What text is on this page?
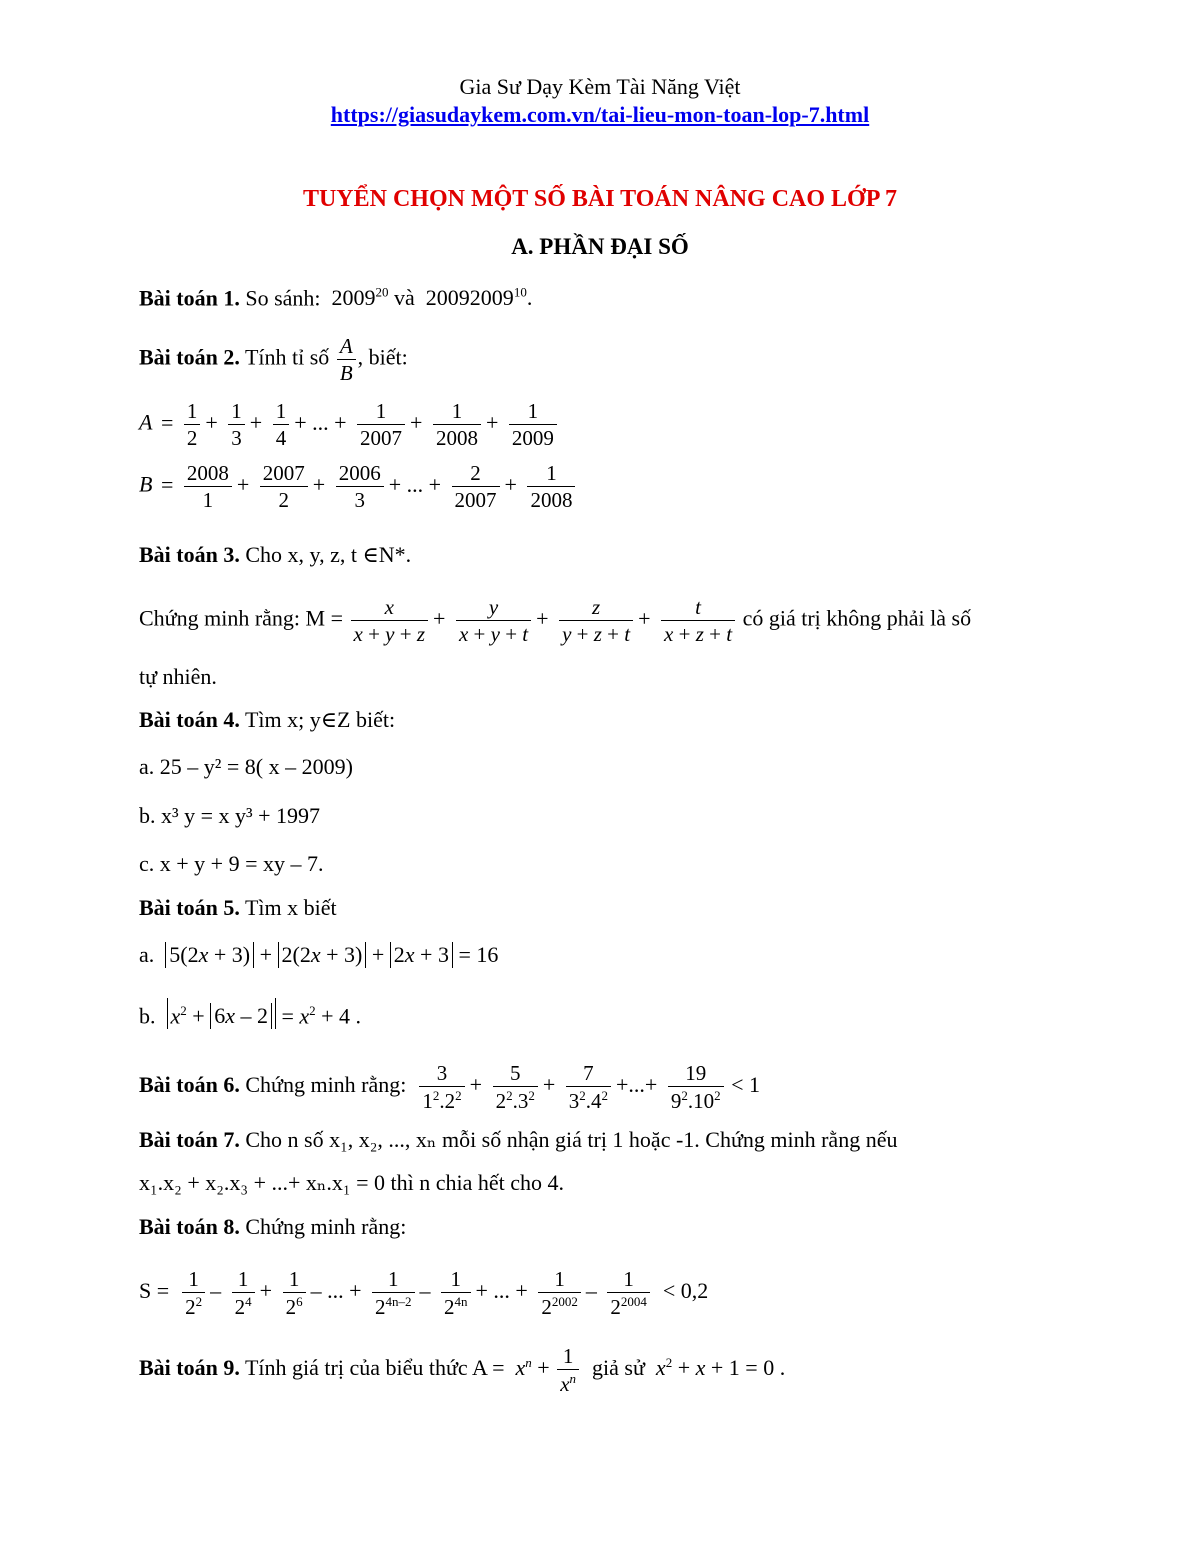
Gia Sư Dạy Kèm Tài Năng Việt
https://giasudaykem.com.vn/tai-lieu-mon-toan-lop-7.html
TUYỂN CHỌN MỘT SỐ BÀI TOÁN NÂNG CAO LỚP 7
A. PHẦN ĐẠI SỐ
Bài toán 1. So sánh: 2009$^{20}$ và  20092009$^{10}$.
Bài toán 2. Tính tỉ số $\frac{A}{B}$ , biết:
$A = \frac{1}{2} + \frac{1}{3} + \frac{1}{4}$ + ... + $\frac{1}{2007} + \frac{1}{2008} + \frac{1}{2009}$
$B = \frac{2008}{1} + \frac{2007}{2} + \frac{2006}{3}$ + ... + $\frac{2}{2007} + \frac{1}{2008}$
Bài toán 3. Cho x, y, z, t ∈N*.
Chứng minh rằng: $M = \frac{x}{x + y + z} + \frac{y}{x + y + t} + \frac{z}{y + z + t} + \frac{t}{x + z + t}$ có giá trị không phải là số
tự nhiên.
Bài toán 4. Tìm x; y∈Z biết:
a. 25 – y² = 8( x – 2009)
b. x³ y = x y³ + 1997
c. x + y + 9 = xy – 7.
Bài toán 5. Tìm x biết
a. 5(2x + 3) + 2(2x + 3) + 2x + 3 = 16
b. $x^2 + 6x - 2 = x^2 + 4$ .
Bài toán 6. Chứng minh rằng: $\frac{3}{1^2.2^2} + \frac{5}{2^2.3^2} + \frac{7}{3^2.4^2}$ +...+ $\frac{19}{9^2.10^2} < 1$
Bài toán 7. Cho n số x₁, x₂, ..., xₙ mỗi số nhận giá trị 1 hoặc -1. Chứng minh rằng nếu
x₁.x₂ + x₂.x₃ + ...+ xₙ.x₁ = 0 thì n chia hết cho 4.
Bài toán 8. Chứng minh rằng:
$S = \frac{1}{2^2} - \frac{1}{2^4} + \frac{1}{2^6}$ – ... + $\frac{1}{2^{4n-2}} - \frac{1}{2^{4n}}$ + ... + $\frac{1}{2^{2002}} - \frac{1}{2^{2004}} < 0,2$
Bài toán 9. Tính giá trị của biểu thức $A = x^n + \frac{1}{x^n}$ giả sử $x^2 + x + 1 = 0$ .
